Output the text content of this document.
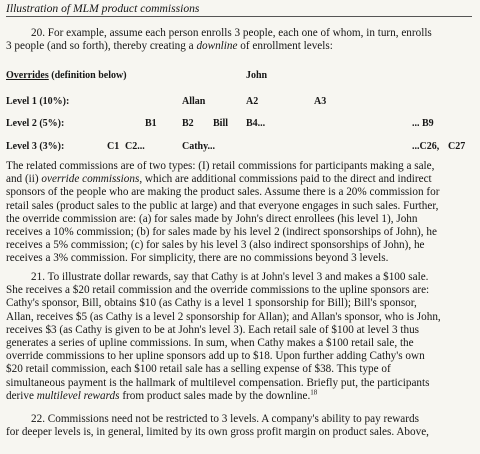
Illustration of MLM product commissions
20. For example, assume each person enrolls 3 people, each one of whom, in turn, enrolls
3 people (and so forth), thereby creating a downline of enrollment levels:
Overrides (definition below)	John
Level 1 (10%):	Allan	A2	A3
Level 2 (5%):	B1	B2 Bill B4...	... B9
Level 3 (3%):	C1 C2...	Cathy...	...C26, C27
The related commissions are of two types: (I) retail commissions for participants making a sale,
and (ii) override commissions, which are additional commissions paid to the direct and indirect
sponsors of the people who are making the product sales. Assume there is a 20% commission for
retail sales (product sales to the public at large) and that everyone engages in such sales. Further,
the override commission are: (a) for sales made by John's direct enrollees (his level 1), John
receives a 10% commission; (b) for sales made by his level 2 (indirect sponsorships of John), he
receives a 5% commission; (c) for sales by his level 3 (also indirect sponsorships of John), he
receives a 3% commission. For simplicity, there are no commissions beyond 3 levels.
21. To illustrate dollar rewards, say that Cathy is at John's level 3 and makes a $100 sale.
She receives a $20 retail commission and the override commissions to the upline sponsors are:
Cathy's sponsor, Bill, obtains $10 (as Cathy is a level 1 sponsorship for Bill); Bill's sponsor,
Allan, receives $5 (as Cathy is a level 2 sponsorship for Allan); and Allan's sponsor, who is John,
receives $3 (as Cathy is given to be at John's level 3). Each retail sale of $100 at level 3 thus
generates a series of upline commissions. In sum, when Cathy makes a $100 retail sale, the
override commissions to her upline sponsors add up to $18. Upon further adding Cathy's own
$20 retail commission, each $100 retail sale has a selling expense of $38. This type of
simultaneous payment is the hallmark of multilevel compensation. Briefly put, the participants
derive multilevel rewards from product sales made by the downline.$^{18}$
22. Commissions need not be restricted to 3 levels. A company's ability to pay rewards
for deeper levels is, in general, limited by its own gross profit margin on product sales. Above,
